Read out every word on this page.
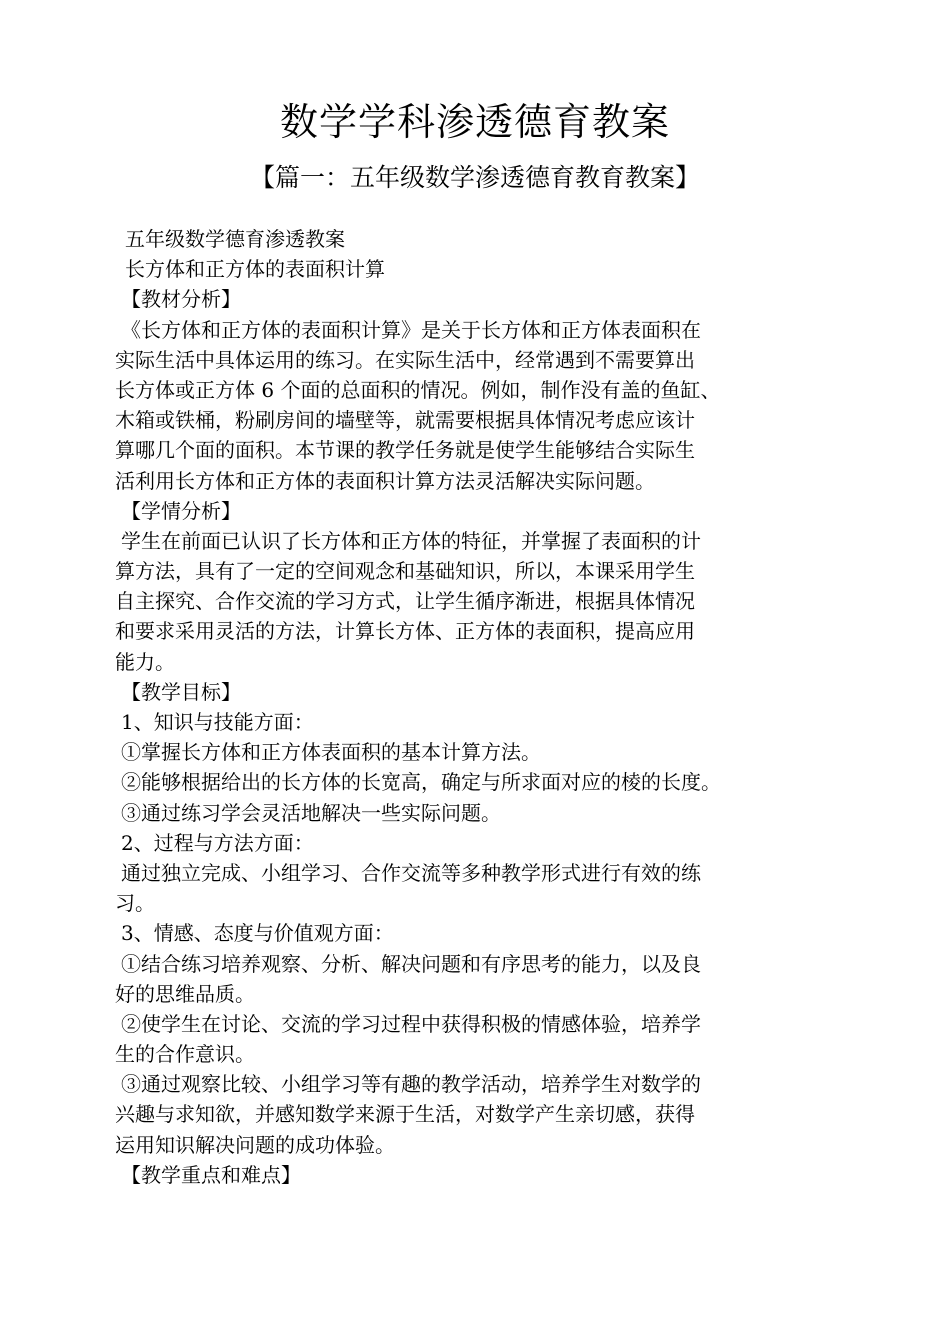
数学学科渗透德育教案
【篇一：五年级数学渗透德育教育教案】

五年级数学德育渗透教案

长方体和正方体的表面积计算

【教材分析】

《长方体和正方体的表面积计算》是关于长方体和正方体表面积在

实际生活中具体运用的练习。在实际生活中，经常遇到不需要算出

长方体或正方体 6 个面的总面积的情况。例如，制作没有盖的鱼缸、

木箱或铁桶，粉刷房间的墙壁等，就需要根据具体情况考虑应该计

算哪几个面的面积。本节课的教学任务就是使学生能够结合实际生

活利用长方体和正方体的表面积计算方法灵活解决实际问题。

【学情分析】

学生在前面已认识了长方体和正方体的特征，并掌握了表面积的计

算方法，具有了一定的空间观念和基础知识，所以，本课采用学生

自主探究、合作交流的学习方式，让学生循序渐进，根据具体情况

和要求采用灵活的方法，计算长方体、正方体的表面积，提高应用

能力。

【教学目标】

1、知识与技能方面：

①掌握长方体和正方体表面积的基本计算方法。

②能够根据给出的长方体的长宽高，确定与所求面对应的棱的长度。

③通过练习学会灵活地解决一些实际问题。

2、过程与方法方面：

通过独立完成、小组学习、合作交流等多种教学形式进行有效的练

习。

3、情感、态度与价值观方面：

①结合练习培养观察、分析、解决问题和有序思考的能力，以及良

好的思维品质。

②使学生在讨论、交流的学习过程中获得积极的情感体验，培养学

生的合作意识。

③通过观察比较、小组学习等有趣的教学活动，培养学生对数学的

兴趣与求知欲，并感知数学来源于生活，对数学产生亲切感，获得

运用知识解决问题的成功体验。

【教学重点和难点】
